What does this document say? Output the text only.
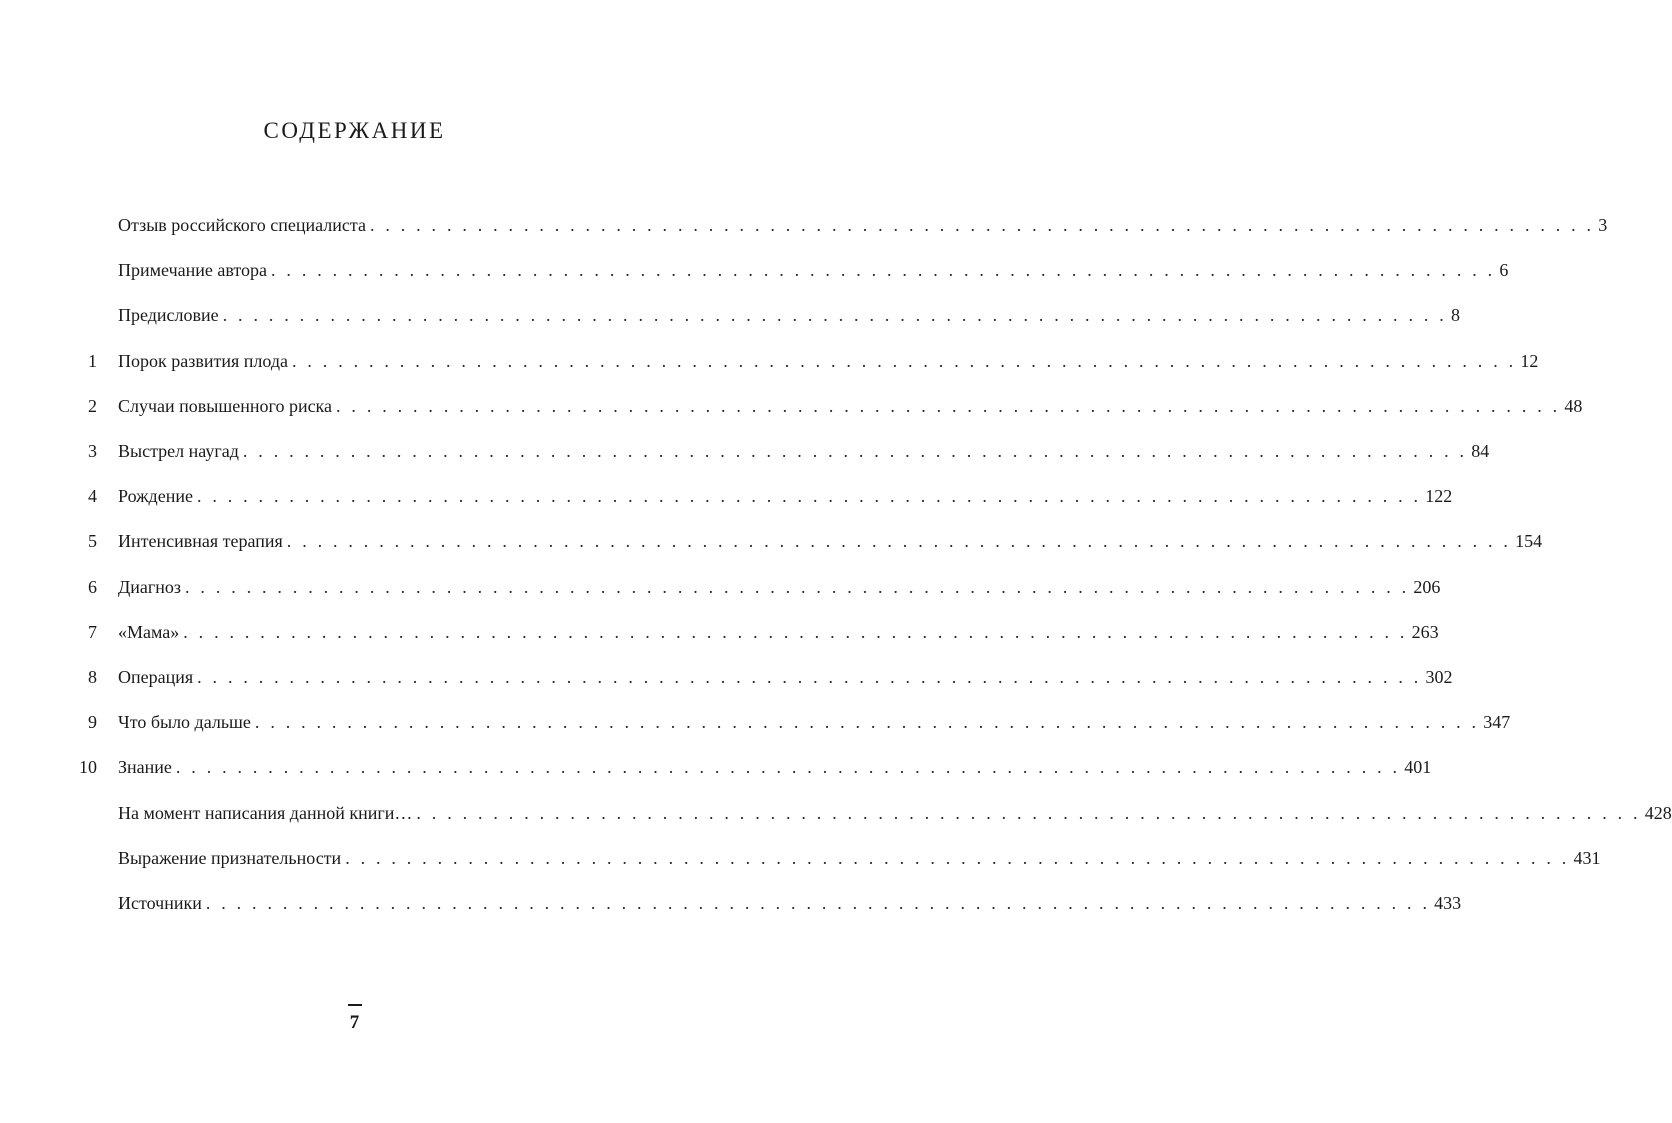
СОДЕРЖАНИЕ
Отзыв российского специалиста . . . . . . . . . . . . . . . . . . . . . . . . . . . . . . . . . . . . . . . . . . . . . . . . . . . . . . . . . . . . . . . . . . . . . . . . . . . . . . . . 3
Примечание автора . . . . . . . . . . . . . . . . . . . . . . . . . . . . . . . . . . . . . . . . . . . . . . . . . . . . . . . . . . . . . . . . . . . . . . . . . . . . . . . . 6
Предисловие . . . . . . . . . . . . . . . . . . . . . . . . . . . . . . . . . . . . . . . . . . . . . . . . . . . . . . . . . . . . . . . . . . . . . . . . . . . . . . . . 8
1 Порок развития плода . . . . . . . . . . . . . . . . . . . . . . . . . . . . . . . . . . . . . . . . . . . . . . . . . . . . . . . . . . . . . . . . . . . . . . . . . . . . . . . . 12
2 Случаи повышенного риска . . . . . . . . . . . . . . . . . . . . . . . . . . . . . . . . . . . . . . . . . . . . . . . . . . . . . . . . . . . . . . . . . . . . . . . . . . . . . . . . 48
3 Выстрел наугад . . . . . . . . . . . . . . . . . . . . . . . . . . . . . . . . . . . . . . . . . . . . . . . . . . . . . . . . . . . . . . . . . . . . . . . . . . . . . . . . 84
4 Рождение . . . . . . . . . . . . . . . . . . . . . . . . . . . . . . . . . . . . . . . . . . . . . . . . . . . . . . . . . . . . . . . . . . . . . . . . . . . . . . . . 122
5 Интенсивная терапия . . . . . . . . . . . . . . . . . . . . . . . . . . . . . . . . . . . . . . . . . . . . . . . . . . . . . . . . . . . . . . . . . . . . . . . . . . . . . . . . 154
6 Диагноз . . . . . . . . . . . . . . . . . . . . . . . . . . . . . . . . . . . . . . . . . . . . . . . . . . . . . . . . . . . . . . . . . . . . . . . . . . . . . . . . 206
7 «Мама» . . . . . . . . . . . . . . . . . . . . . . . . . . . . . . . . . . . . . . . . . . . . . . . . . . . . . . . . . . . . . . . . . . . . . . . . . . . . . . . . 263
8 Операция . . . . . . . . . . . . . . . . . . . . . . . . . . . . . . . . . . . . . . . . . . . . . . . . . . . . . . . . . . . . . . . . . . . . . . . . . . . . . . . . 302
9 Что было дальше . . . . . . . . . . . . . . . . . . . . . . . . . . . . . . . . . . . . . . . . . . . . . . . . . . . . . . . . . . . . . . . . . . . . . . . . . . . . . . . . 347
10 Знание . . . . . . . . . . . . . . . . . . . . . . . . . . . . . . . . . . . . . . . . . . . . . . . . . . . . . . . . . . . . . . . . . . . . . . . . . . . . . . . . 401
На момент написания данной книги… . . . . . . . . . . . . . . . . . . . . . . . . . . . . . . . . . . . . . . . . . . . . . . . . . . . . . . . . . . . . . . . . . . . . . . . . . . . . . . . . 428
Выражение признательности . . . . . . . . . . . . . . . . . . . . . . . . . . . . . . . . . . . . . . . . . . . . . . . . . . . . . . . . . . . . . . . . . . . . . . . . . . . . . . . . 431
Источники . . . . . . . . . . . . . . . . . . . . . . . . . . . . . . . . . . . . . . . . . . . . . . . . . . . . . . . . . . . . . . . . . . . . . . . . . . . . . . . . 433
7
